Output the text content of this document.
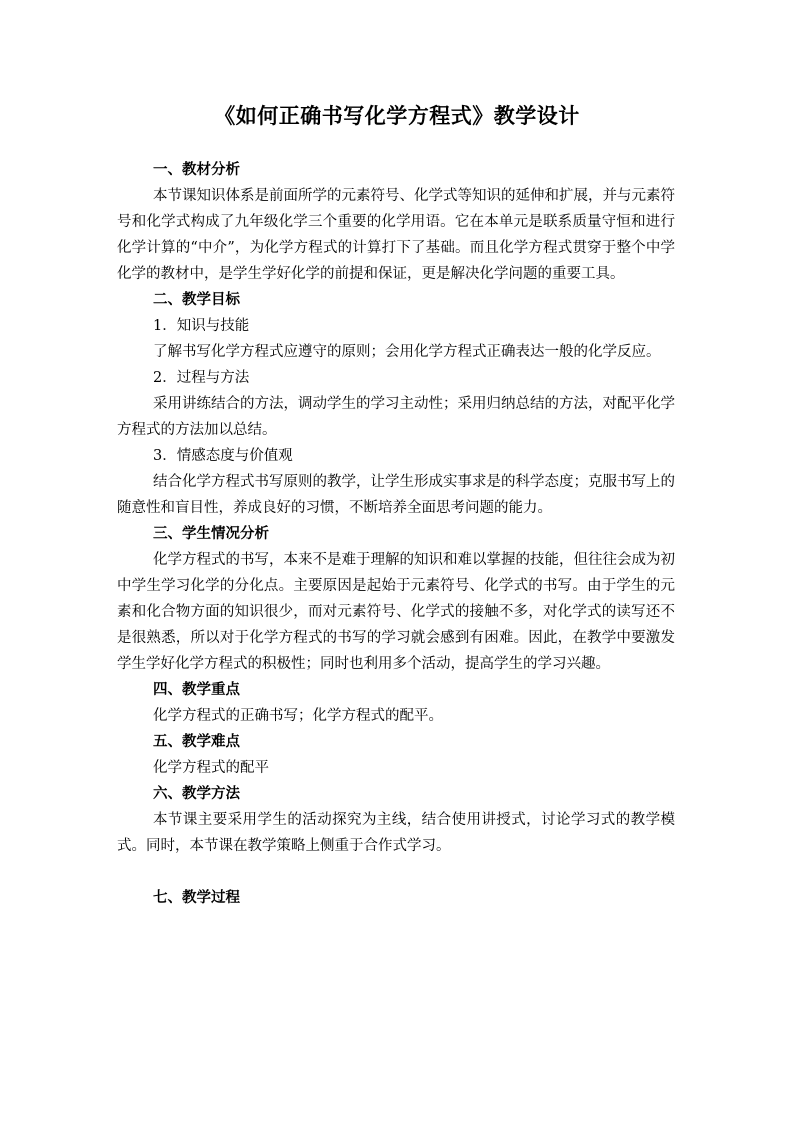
《如何正确书写化学方程式》教学设计

一、教材分析

本节课知识体系是前面所学的元素符号、化学式等知识的延伸和扩展，并与元素符号和化学式构成了九年级化学三个重要的化学用语。它在本单元是联系质量守恒和进行化学计算的“中介”，为化学方程式的计算打下了基础。而且化学方程式贯穿于整个中学化学的教材中，是学生学好化学的前提和保证，更是解决化学问题的重要工具。

二、教学目标

1．知识与技能

了解书写化学方程式应遵守的原则；会用化学方程式正确表达一般的化学反应。

2．过程与方法

采用讲练结合的方法，调动学生的学习主动性；采用归纳总结的方法，对配平化学方程式的方法加以总结。

3．情感态度与价值观

结合化学方程式书写原则的教学，让学生形成实事求是的科学态度；克服书写上的随意性和盲目性，养成良好的习惯，不断培养全面思考问题的能力。

三、学生情况分析

化学方程式的书写，本来不是难于理解的知识和难以掌握的技能，但往往会成为初中学生学习化学的分化点。主要原因是起始于元素符号、化学式的书写。由于学生的元素和化合物方面的知识很少，而对元素符号、化学式的接触不多，对化学式的读写还不是很熟悉，所以对于化学方程式的书写的学习就会感到有困难。因此，在教学中要激发学生学好化学方程式的积极性；同时也利用多个活动，提高学生的学习兴趣。

四、教学重点

化学方程式的正确书写；化学方程式的配平。

五、教学难点

化学方程式的配平

六、教学方法

本节课主要采用学生的活动探究为主线，结合使用讲授式，讨论学习式的教学模式。同时，本节课在教学策略上侧重于合作式学习。

七、教学过程
